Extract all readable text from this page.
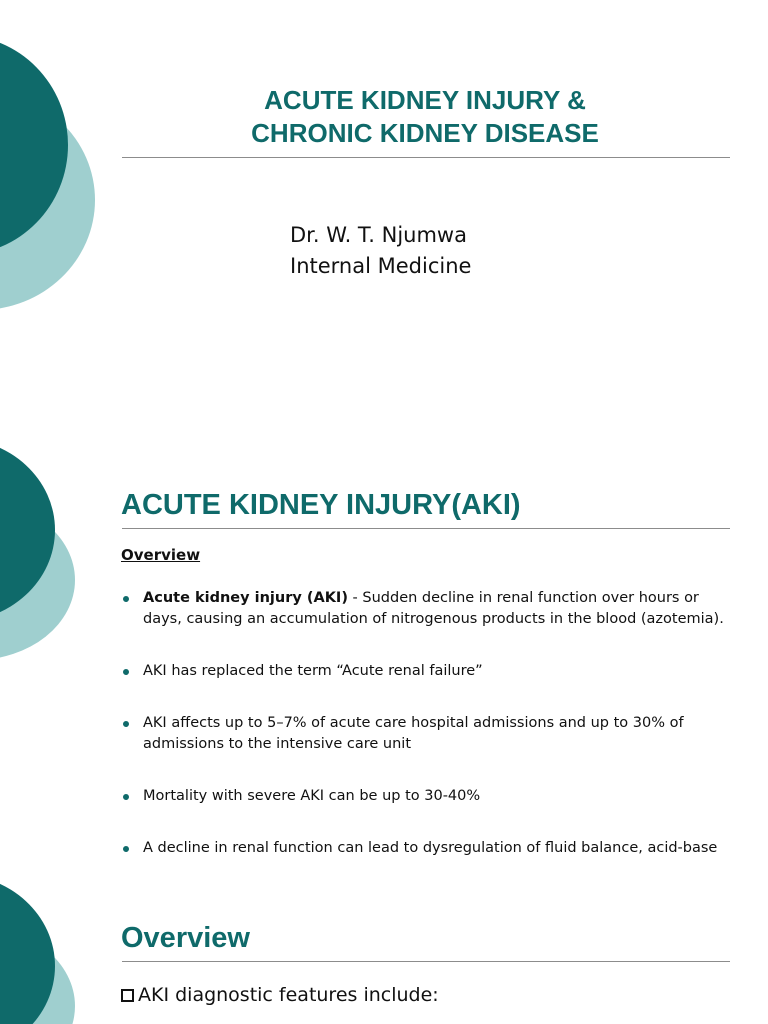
ACUTE KIDNEY INJURY &
CHRONIC KIDNEY DISEASE
Dr. W. T. Njumwa
Internal Medicine
ACUTE KIDNEY INJURY(AKI)
Overview
Acute kidney injury (AKI) - Sudden decline in renal function over hours or days, causing an accumulation of nitrogenous products in the blood (azotemia).
AKI has replaced the term “Acute renal failure”
AKI affects up to 5–7% of acute care hospital admissions and up to 30% of admissions to the intensive care unit
Mortality with severe AKI can be up to 30-40%
A decline in renal function can lead to dysregulation of fluid balance, acid-base
Overview
AKI diagnostic features include:
